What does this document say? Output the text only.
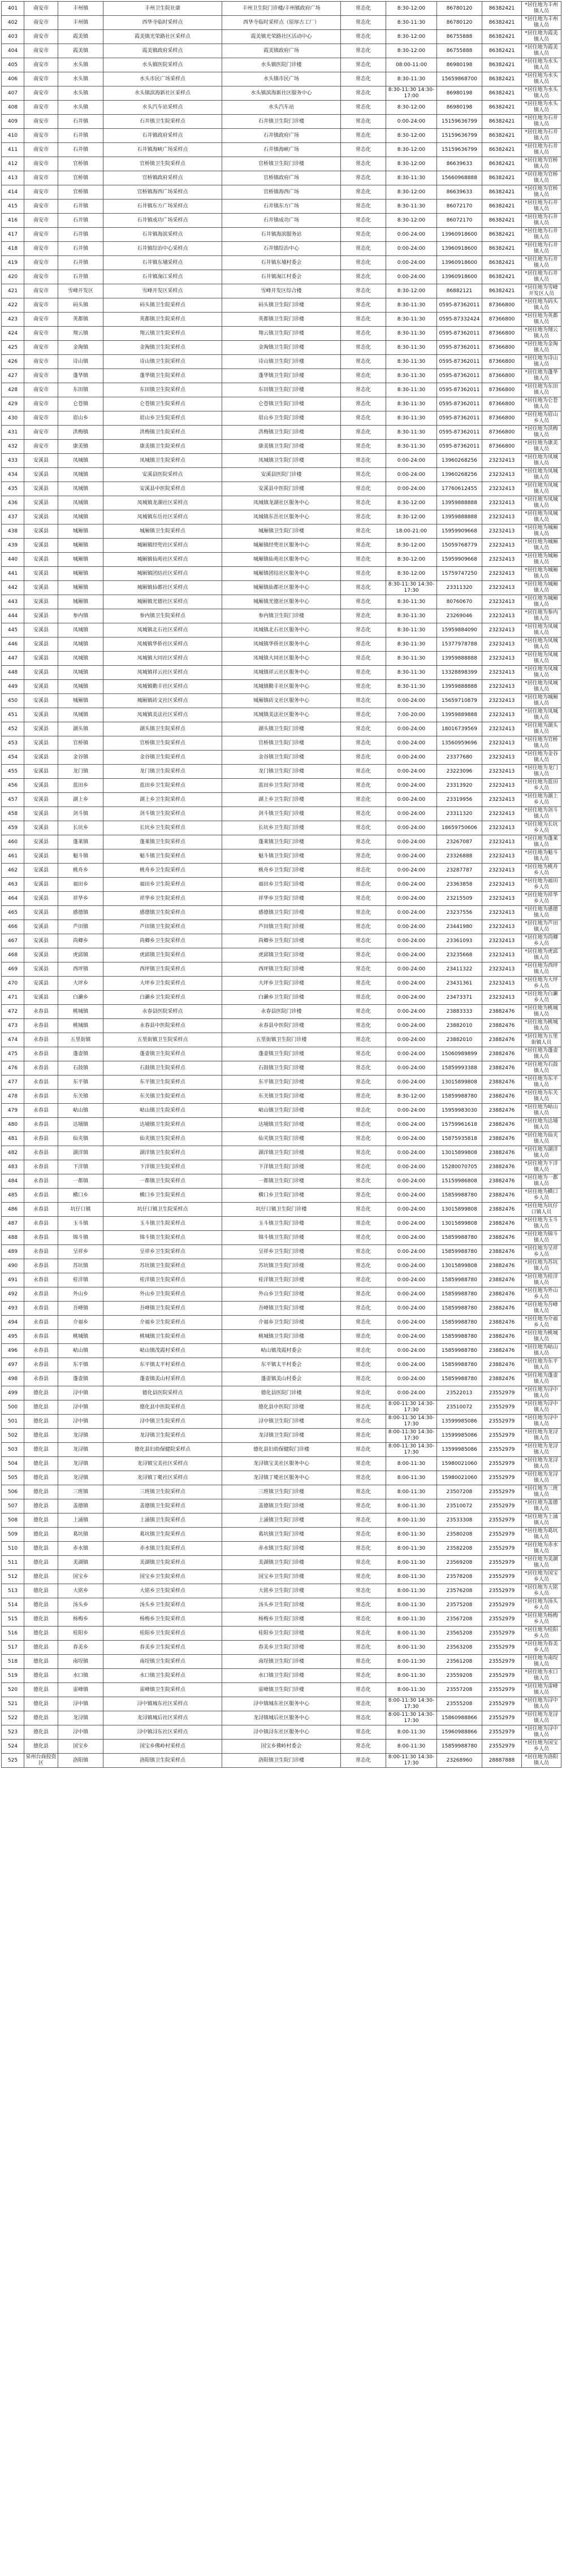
401	南安市	丰州镇	丰州卫生院社康	丰州卫生院门诊楼/丰州镇政府广场	常态化	8:30-12:00	86780120	86382421	*居住地为丰州镇人员
402	南安市	丰州镇	西华寺临时采样点	西华寺临时采样点（原厚古工厂）	常态化	8:30-11:30	86780120	86382421	*居住地为丰州镇人员
403	南安市	霞美镇	霞美镇光荣路社区采样点	霞美镇光荣路社区活动中心	常态化	8:30-12:00	86755888	86382421	*居住地为霞美镇人员
404	南安市	霞美镇	霞美镇政府采样点	霞美镇政府广场	常态化	8:30-12:00	86755888	86382421	*居住地为霞美镇人员
405	南安市	水头镇	水头镇医院采样点	水头镇医院门诊楼	常态化	08:00-11:00	86980198	86382421	*居住地为水头镇人员
406	南安市	水头镇	水头市民广场采样点	水头镇市民广场	常态化	8:30-11:30	15659868700	86382421	*居住地为水头镇人员
407	南安市	水头镇	水头镇滨海新社区采样点	水头镇滨海新社区服务中心	常态化	8:30-11:30 14:30-17:00	86980198	86382421	*居住地为水头镇人员
408	南安市	水头镇	水头汽车站采样点	水头汽车站	常态化	8:30-12:00	86980198	86382421	*居住地为水头镇人员
409	南安市	石井镇	石井镇卫生院采样点	石井镇卫生院门诊楼	常态化	0:00-24:00	15159636799	86382421	*居住地为石井镇人员
410	南安市	石井镇	石井镇政府采样点	石井镇政府广场	常态化	8:30-12:00	15159636799	86382421	*居住地为石井镇人员
411	南安市	石井镇	石井镇海峡广场采样点	石井镇海峡广场	常态化	8:30-12:00	15159636799	86382421	*居住地为石井镇人员
412	南安市	官桥镇	官桥镇卫生院采样点	官桥镇卫生院门诊楼	常态化	8:30-12:00	86639633	86382421	*居住地为官桥镇人员
413	南安市	官桥镇	官桥镇政府采样点	官桥镇政府广场	常态化	8:30-11:30	15660968888	86382421	*居住地为官桥镇人员
414	南安市	官桥镇	官桥镇海西广场采样点	官桥镇海西广场	常态化	8:30-12:00	86639633	86382421	*居住地为官桥镇人员
415	南安市	石井镇	石井镇东方广场采样点	石井镇东方广场	常态化	8:30-11:30	86072170	86382421	*居住地为石井镇人员
416	南安市	石井镇	石井镇成功广场采样点	石井镇成功广场	常态化	8:30-12:00	86072170	86382421	*居住地为石井镇人员
417	南安市	石井镇	石井镇海滨采样点	石井镇海滨服务站	常态化	0:00-24:00	13960918600	86382421	*居住地为石井镇人员
418	南安市	石井镇	石井镇综治中心采样点	石井镇综治中心	常态化	0:00-24:00	13960918600	86382421	*居住地为石井镇人员
419	南安市	石井镇	石井镇东埔采样点	石井镇东埔村委会	常态化	0:00-24:00	13960918600	86382421	*居住地为石井镇人员
420	南安市	石井镇	石井镇淗江采样点	石井镇淗江村委会	常态化	0:00-24:00	13960918600	86382421	*居住地为石井镇人员
421	南安市	雪峰开发区	雪峰开发区采样点	雪峰开发区综合楼	常态化	8:30-12:00	86882121	86382421	*居住地为雪峰开发区人员
422	南安市	码头镇	码头镇卫生院采样点	码头镇卫生院门诊楼	常态化	8:30-11:30	0595-87362011	87366800	*居住地为码头镇人员
423	南安市	英都镇	英都镇卫生院采样点	英都镇卫生院门诊楼	常态化	8:30-11:30	0595-87332424	87366800	*居住地为英都镇人员
424	南安市	翔云镇	翔云镇卫生院采样点	翔云镇卫生院门诊楼	常态化	8:30-11:30	0595-87362011	87366800	*居住地为翔云镇人员
425	南安市	金淘镇	金淘镇卫生院采样点	金淘镇卫生院门诊楼	常态化	8:30-11:30	0595-87362011	87366800	*居住地为金淘镇人员
426	南安市	诗山镇	诗山镇卫生院采样点	诗山镇卫生院门诊楼	常态化	8:30-11:30	0595-87362011	87366800	*居住地为诗山镇人员
427	南安市	蓬华镇	蓬华镇卫生院采样点	蓬华镇卫生院门诊楼	常态化	8:30-11:30	0595-87362011	87366800	*居住地为蓬华镇人员
428	南安市	东田镇	东田镇卫生院采样点	东田镇卫生院门诊楼	常态化	8:30-11:30	0595-87362011	87366800	*居住地为东田镇人员
429	南安市	仑苍镇	仑苍镇卫生院采样点	仑苍镇卫生院门诊楼	常态化	8:30-11:30	0595-87362011	87366800	*居住地为仑苍镇人员
430	南安市	眉山乡	眉山乡卫生院采样点	眉山乡卫生院门诊楼	常态化	8:30-11:30	0595-87362011	87366800	*居住地为眉山乡人员
431	南安市	洪梅镇	洪梅镇卫生院采样点	洪梅镇卫生院门诊楼	常态化	8:30-11:30	0595-87362011	87366800	*居住地为洪梅镇人员
432	南安市	康美镇	康美镇卫生院采样点	康美镇卫生院门诊楼	常态化	8:30-11:30	0595-87362011	87366800	*居住地为康美镇人员
433	安溪县	凤城镇	凤城镇卫生院采样点	凤城镇卫生院门诊楼	常态化	0:00-24:00	13960268256	23232413	*居住地为凤城镇人员
434	安溪县	凤城镇	安溪县医院采样点	安溪县医院门诊楼	常态化	0:00-24:00	13960268256	23232413	*居住地为凤城镇人员
435	安溪县	凤城镇	安溪县中医院采样点	安溪县中医院门诊楼	常态化	0:00-24:00	17760612455	23232413	*居住地为凤城镇人员
436	安溪县	凤城镇	凤城镇龙湖社区采样点	凤城镇龙湖社区服务中心	常态化	8:30-12:00	13959888888	23232413	*居住地为凤城镇人员
437	安溪县	凤城镇	凤城镇东岳社区采样点	凤城镇东岳社区服务中心	常态化	8:30-12:00	13959888888	23232413	*居住地为凤城镇人员
438	安溪县	城厢镇	城厢镇卫生院采样点	城厢镇卫生院门诊楼	常态化	18:00-21:00	15959909668	23232413	*居住地为城厢镇人员
439	安溪县	城厢镇	城厢镇经兜社区采样点	城厢镇经兜社区服务中心	常态化	8:30-12:00	15059768779	23232413	*居住地为城厢镇人员
440	安溪县	城厢镇	城厢镇仙苑社区采样点	城厢镇仙苑社区服务中心	常态化	8:30-12:00	15959909668	23232413	*居住地为城厢镇人员
441	安溪县	城厢镇	城厢镇团结社区采样点	城厢镇团结社区服务中心	常态化	8:30-12:00	15759747250	23232413	*居住地为城厢镇人员
442	安溪县	城厢镇	城厢镇仙都社区采样点	城厢镇仙都社区服务中心	常态化	8:30-11:30 14:30-17:30	23311320	23232413	*居住地为城厢镇人员
443	安溪县	城厢镇	城厢镇光德社区采样点	城厢镇光德社区服务中心	常态化	8:30-11:30	80760670	23232413	*居住地为城厢镇人员
444	安溪县	参内镇	参内镇卫生院采样点	参内镇卫生院门诊楼	常态化	8:30-11:30	23269046	23232413	*居住地为参内镇人员
445	安溪县	凤城镇	凤城镇北石社区采样点	凤城镇北石社区服务中心	常态化	8:30-11:30	15959884090	23232413	*居住地为凤城镇人员
446	安溪县	凤城镇	凤城镇华侨社区采样点	凤城镇华侨社区服务中心	常态化	8:30-11:30	15377978788	23232413	*居住地为凤城镇人员
447	安溪县	凤城镇	凤城镇大同社区采样点	凤城镇大同社区服务中心	常态化	8:30-11:30	13959888888	23232413	*居住地为凤城镇人员
448	安溪县	凤城镇	凤城镇祥云社区采样点	凤城镇祥云社区服务中心	常态化	8:30-11:30	13328898399	23232413	*居住地为凤城镇人员
449	安溪县	凤城镇	凤城镇勤丰社区采样点	凤城镇勤丰社区服务中心	常态化	8:30-11:30	13959888888	23232413	*居住地为凤城镇人员
450	安溪县	城厢镇	城厢镇砖文社区采样点	城厢镇砖文社区服务中心	常态化	0:00-24:00	15659710879	23232413	*居住地为城厢镇人员
451	安溪县	凤城镇	凤城镇美法社区采样点	凤城镇美法社区服务中心	常态化	7:00-20:00	13959889888	23232413	*居住地为凤城镇人员
452	安溪县	湖头镇	湖头镇卫生院采样点	湖头镇卫生院门诊楼	常态化	0:00-24:00	18016739569	23232413	*居住地为湖头镇人员
453	安溪县	官桥镇	官桥镇卫生院采样点	官桥镇卫生院门诊楼	常态化	0:00-24:00	13560959696	23232413	*居住地为官桥镇人员
454	安溪县	金谷镇	金谷镇卫生院采样点	金谷镇卫生院门诊楼	常态化	0:00-24:00	23377680	23232413	*居住地为金谷镇人员
455	安溪县	龙门镇	龙门镇卫生院采样点	龙门镇卫生院门诊楼	常态化	0:00-24:00	23223096	23232413	*居住地为龙门镇人员
456	安溪县	蓝田乡	蓝田乡卫生院采样点	蓝田乡卫生院门诊楼	常态化	0:00-24:00	23313920	23232413	*居住地为蓝田乡人员
457	安溪县	湖上乡	湖上乡卫生院采样点	湖上乡卫生院门诊楼	常态化	0:00-24:00	23319956	23232413	*居住地为湖上乡人员
458	安溪县	剑斗镇	剑斗镇卫生院采样点	剑斗镇卫生院门诊楼	常态化	0:00-24:00	23311320	23232413	*居住地为剑斗镇人员
459	安溪县	长坑乡	长坑乡卫生院采样点	长坑乡卫生院门诊楼	常态化	0:00-24:00	18659750606	23232413	*居住地为长坑乡人员
460	安溪县	蓬莱镇	蓬莱镇卫生院采样点	蓬莱镇卫生院门诊楼	常态化	0:00-24:00	23267087	23232413	*居住地为蓬莱镇人员
461	安溪县	魁斗镇	魁斗镇卫生院采样点	魁斗镇卫生院门诊楼	常态化	0:00-24:00	23326888	23232413	*居住地为魁斗镇人员
462	安溪县	桃舟乡	桃舟乡卫生院采样点	桃舟乡卫生院门诊楼	常态化	0:00-24:00	23287787	23232413	*居住地为桃舟乡人员
463	安溪县	福田乡	福田乡卫生院采样点	福田乡卫生院门诊楼	常态化	0:00-24:00	23363858	23232413	*居住地为福田乡人员
464	安溪县	祥华乡	祥华乡卫生院采样点	祥华乡卫生院门诊楼	常态化	0:00-24:00	23215509	23232413	*居住地为祥华乡人员
465	安溪县	感德镇	感德镇卫生院采样点	感德镇卫生院门诊楼	常态化	0:00-24:00	23237556	23232413	*居住地为感德镇人员
466	安溪县	芦田镇	芦田镇卫生院采样点	芦田镇卫生院门诊楼	常态化	0:00-24:00	23441980	23232413	*居住地为芦田镇人员
467	安溪县	尚卿乡	尚卿乡卫生院采样点	尚卿乡卫生院门诊楼	常态化	0:00-24:00	23361093	23232413	*居住地为尚卿乡人员
468	安溪县	虎邱镇	虎邱镇卫生院采样点	虎邱镇卫生院门诊楼	常态化	0:00-24:00	23235668	23232413	*居住地为虎邱镇人员
469	安溪县	西坪镇	西坪镇卫生院采样点	西坪镇卫生院门诊楼	常态化	0:00-24:00	23411322	23232413	*居住地为西坪镇人员
470	安溪县	大坪乡	大坪乡卫生院采样点	大坪乡卫生院门诊楼	常态化	0:00-24:00	23431361	23232413	*居住地为大坪乡人员
471	安溪县	白濑乡	白濑乡卫生院采样点	白濑乡卫生院门诊楼	常态化	0:00-24:00	23473371	23232413	*居住地为白濑乡人员
472	永春县	桃城镇	永春县医院采样点	永春县医院门诊楼	常态化	0:00-24:00	23883333	23882476	*居住地为桃城镇人员
473	永春县	桃城镇	永春县中医院采样点	永春县中医院门诊楼	常态化	0:00-24:00	23882010	23882476	*居住地为桃城镇人员
474	永春县	五里街镇	五里街镇卫生院采样点	五里街镇卫生院门诊楼	常态化	0:00-24:00	23882010	23882476	*居住地为五里街镇人员
475	永春县	蓬壶镇	蓬壶镇卫生院采样点	蓬壶镇卫生院门诊楼	常态化	0:00-24:00	15060989899	23882476	*居住地为蓬壶镇人员
476	永春县	石鼓镇	石鼓镇卫生院采样点	石鼓镇卫生院门诊楼	常态化	0:00-24:00	15859993388	23882476	*居住地为石鼓镇人员
477	永春县	东平镇	东平镇卫生院采样点	东平镇卫生院门诊楼	常态化	0:00-24:00	13015899808	23882476	*居住地为东平镇人员
478	永春县	东关镇	东关镇卫生院采样点	东关镇卫生院门诊楼	常态化	8:30-12:00	15859988780	23882476	*居住地为东关镇人员
479	永春县	岵山镇	岵山镇卫生院采样点	岵山镇卫生院门诊楼	常态化	0:00-24:00	15959983030	23882476	*居住地为岵山镇人员
480	永春县	达埔镇	达埔镇卫生院采样点	达埔镇卫生院门诊楼	常态化	0:00-24:00	15759961618	23882476	*居住地为达埔镇人员
481	永春县	仙夹镇	仙夹镇卫生院采样点	仙夹镇卫生院门诊楼	常态化	0:00-24:00	15875935818	23882476	*居住地为仙夹镇人员
482	永春县	湖洋镇	湖洋镇卫生院采样点	湖洋镇卫生院门诊楼	常态化	0:00-24:00	13015899808	23882476	*居住地为湖洋镇人员
483	永春县	下洋镇	下洋镇卫生院采样点	下洋镇卫生院门诊楼	常态化	0:00-24:00	15280070705	23882476	*居住地为下洋镇人员
484	永春县	一都镇	一都镇卫生院采样点	一都镇卫生院门诊楼	常态化	0:00-24:00	15159986808	23882476	*居住地为一都镇人员
485	永春县	横口乡	横口乡卫生院采样点	横口乡卫生院门诊楼	常态化	0:00-24:00	15859988780	23882476	*居住地为横口乡人员
486	永春县	坑仔口镇	坑仔口镇卫生院采样点	坑仔口镇卫生院门诊楼	常态化	0:00-24:00	13015899808	23882476	*居住地为坑仔口镇人员
487	永春县	玉斗镇	玉斗镇卫生院采样点	玉斗镇卫生院门诊楼	常态化	0:00-24:00	13015899808	23882476	*居住地为玉斗镇人员
488	永春县	锦斗镇	锦斗镇卫生院采样点	锦斗镇卫生院门诊楼	常态化	0:00-24:00	15859988780	23882476	*居住地为锦斗镇人员
489	永春县	呈祥乡	呈祥乡卫生院采样点	呈祥乡卫生院门诊楼	常态化	0:00-24:00	15859988780	23882476	*居住地为呈祥乡人员
490	永春县	苏坑镇	苏坑镇卫生院采样点	苏坑镇卫生院门诊楼	常态化	0:00-24:00	13015899808	23882476	*居住地为苏坑镇人员
491	永春县	桂洋镇	桂洋镇卫生院采样点	桂洋镇卫生院门诊楼	常态化	0:00-24:00	15859988780	23882476	*居住地为桂洋镇人员
492	永春县	外山乡	外山乡卫生院采样点	外山乡卫生院门诊楼	常态化	0:00-24:00	15859988780	23882476	*居住地为外山乡人员
493	永春县	吾峰镇	吾峰镇卫生院采样点	吾峰镇卫生院门诊楼	常态化	0:00-24:00	15859988780	23882476	*居住地为吾峰镇人员
494	永春县	介福乡	介福乡卫生院采样点	介福乡卫生院门诊楼	常态化	0:00-24:00	15859988780	23882476	*居住地为介福乡人员
495	永春县	桃城镇	桃城镇卫生院采样点	桃城镇卫生院门诊楼	常态化	0:00-24:00	15859988780	23882476	*居住地为桃城镇人员
496	永春县	岵山镇	岵山镇茂霞村采样点	岵山镇茂霞村委会	常态化	0:00-24:00	15859988780	23882476	*居住地为岵山镇人员
497	永春县	东平镇	东平镇太平村采样点	东平镇太平村委会	常态化	0:00-24:00	15859988780	23882476	*居住地为东平镇人员
498	永春县	蓬壶镇	蓬壶镇美山村采样点	蓬壶镇美山村委会	常态化	0:00-24:00	15859988780	23882476	*居住地为蓬壶镇人员
499	德化县	浔中镇	德化县医院采样点	德化县医院门诊楼	常态化	0:00-24:00	23522013	23552979	*居住地为浔中镇人员
500	德化县	浔中镇	德化县中医院采样点	德化县中医院门诊楼	常态化	8:00-11:30 14:30-17:30	23510072	23552979	*居住地为浔中镇人员
501	德化县	浔中镇	浔中镇卫生院采样点	浔中镇卫生院门诊楼	常态化	8:00-11:30 14:30-17:30	13599985086	23552979	*居住地为浔中镇人员
502	德化县	龙浔镇	龙浔镇卫生院采样点	龙浔镇卫生院门诊楼	常态化	8:00-11:30 14:30-17:30	13599985086	23552979	*居住地为龙浔镇人员
503	德化县	龙浔镇	德化县妇幼保健院采样点	德化县妇幼保健院门诊楼	常态化	8:00-11:30 14:30-17:30	13599985086	23552979	*居住地为龙浔镇人员
504	德化县	龙浔镇	龙浔镇宝美社区采样点	龙浔镇宝美社区服务中心	常态化	8:00-11:30	15980021060	23552979	*居住地为龙浔镇人员
505	德化县	龙浔镇	龙浔镇丁墘社区采样点	龙浔镇丁墘社区服务中心	常态化	8:00-11:30	15980021060	23552979	*居住地为龙浔镇人员
506	德化县	三班镇	三班镇卫生院采样点	三班镇卫生院门诊楼	常态化	8:00-11:30	23507208	23552979	*居住地为三班镇人员
507	德化县	盖德镇	盖德镇卫生院采样点	盖德镇卫生院门诊楼	常态化	8:00-11:30	23510072	23552979	*居住地为盖德镇人员
508	德化县	上涌镇	上涌镇卫生院采样点	上涌镇卫生院门诊楼	常态化	8:00-11:30	23533308	23552979	*居住地为上涌镇人员
509	德化县	葛坑镇	葛坑镇卫生院采样点	葛坑镇卫生院门诊楼	常态化	8:00-11:30	23580208	23552979	*居住地为葛坑镇人员
510	德化县	赤水镇	赤水镇卫生院采样点	赤水镇卫生院门诊楼	常态化	8:00-11:30	23582208	23552979	*居住地为赤水镇人员
511	德化县	美湖镇	美湖镇卫生院采样点	美湖镇卫生院门诊楼	常态化	8:00-11:30	23569208	23552979	*居住地为美湖镇人员
512	德化县	国宝乡	国宝乡卫生院采样点	国宝乡卫生院门诊楼	常态化	8:00-11:30	23578208	23552979	*居住地为国宝乡人员
513	德化县	大铭乡	大铭乡卫生院采样点	大铭乡卫生院门诊楼	常态化	8:00-11:30	23576208	23552979	*居住地为大铭乡人员
514	德化县	汤头乡	汤头乡卫生院采样点	汤头乡卫生院门诊楼	常态化	8:00-11:30	23575208	23552979	*居住地为汤头乡人员
515	德化县	杨梅乡	杨梅乡卫生院采样点	杨梅乡卫生院门诊楼	常态化	8:00-11:30	23567208	23552979	*居住地为杨梅乡人员
516	德化县	桂阳乡	桂阳乡卫生院采样点	桂阳乡卫生院门诊楼	常态化	8:00-11:30	23565208	23552979	*居住地为桂阳乡人员
517	德化县	春美乡	春美乡卫生院采样点	春美乡卫生院门诊楼	常态化	8:00-11:30	23563208	23552979	*居住地为春美乡人员
518	德化县	南埕镇	南埕镇卫生院采样点	南埕镇卫生院门诊楼	常态化	8:00-11:30	23561208	23552979	*居住地为南埕镇人员
519	德化县	水口镇	水口镇卫生院采样点	水口镇卫生院门诊楼	常态化	8:00-11:30	23559208	23552979	*居住地为水口镇人员
520	德化县	雷峰镇	雷峰镇卫生院采样点	雷峰镇卫生院门诊楼	常态化	8:00-11:30	23557208	23552979	*居住地为雷峰镇人员
521	德化县	浔中镇	浔中镇城东社区采样点	浔中镇城东社区服务中心	常态化	8:00-11:30 14:30-17:30	23555208	23552979	*居住地为浔中镇人员
522	德化县	龙浔镇	龙浔镇城后社区采样点	龙浔镇城后社区服务中心	常态化	8:00-11:30 14:30-17:30	15860988866	23552979	*居住地为龙浔镇人员
523	德化县	浔中镇	浔中镇浔东社区采样点	浔中镇浔东社区服务中心	常态化	8:00-11:30	15960988866	23552979	*居住地为浔中镇人员
524	德化县	国宝乡	国宝乡佛岭村采样点	国宝乡佛岭村委会	常态化	8:00-11:30	15859988780	23552979	*居住地为国宝乡人员
525	泉州台商投资区	洛阳镇	洛阳镇卫生院采样点	洛阳镇卫生院门诊楼	常态化	8:00-11:30 14:30-17:30	23268960	28887888	*居住地为洛阳镇人员
